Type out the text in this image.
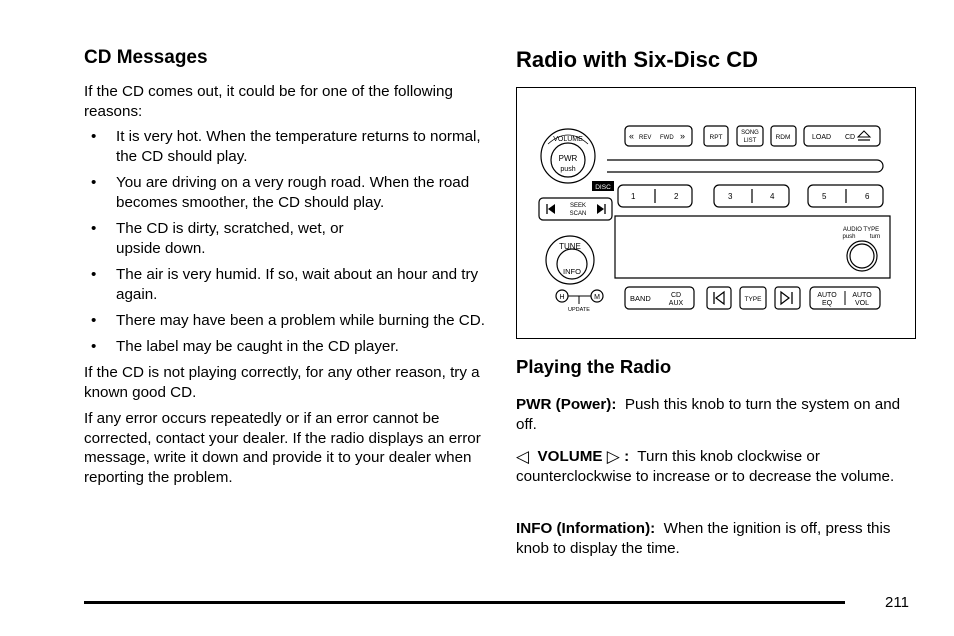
CD Messages

If the CD comes out, it could be for one of the following reasons:

• It is very hot. When the temperature returns to normal, the CD should play.
• You are driving on a very rough road. When the road becomes smoother, the CD should play.
• The CD is dirty, scratched, wet, or
upside down.
• The air is very humid. If so, wait about an hour and try again.
• There may have been a problem while burning the CD.
• The label may be caught in the CD player.

If the CD is not playing correctly, for any other reason, try a known good CD.

If any error occurs repeatedly or if an error cannot be corrected, contact your dealer. If the radio displays an error message, write it down and provide it to your dealer when reporting the problem.

Radio with Six-Disc CD
VOLUME
PWR
push
« REV FWD »	RPT
SONG
LIST	RDM	LOAD CD
DISC
1	2	3	4	5	6
SEEK
SCAN
AUDIO TYPE
push turn
TUNE
INFO
H	M
UPDATE
BAND	CD
AUX
TYPE
AUTO
EQ
AUTO
VOL
Playing the Radio

PWR (Power): Push this knob to turn the system on and off.

◁ VOLUME ▷ : Turn this knob clockwise or counterclockwise to increase or to decrease the volume.

INFO (Information): When the ignition is off, press this knob to display the time.

211
